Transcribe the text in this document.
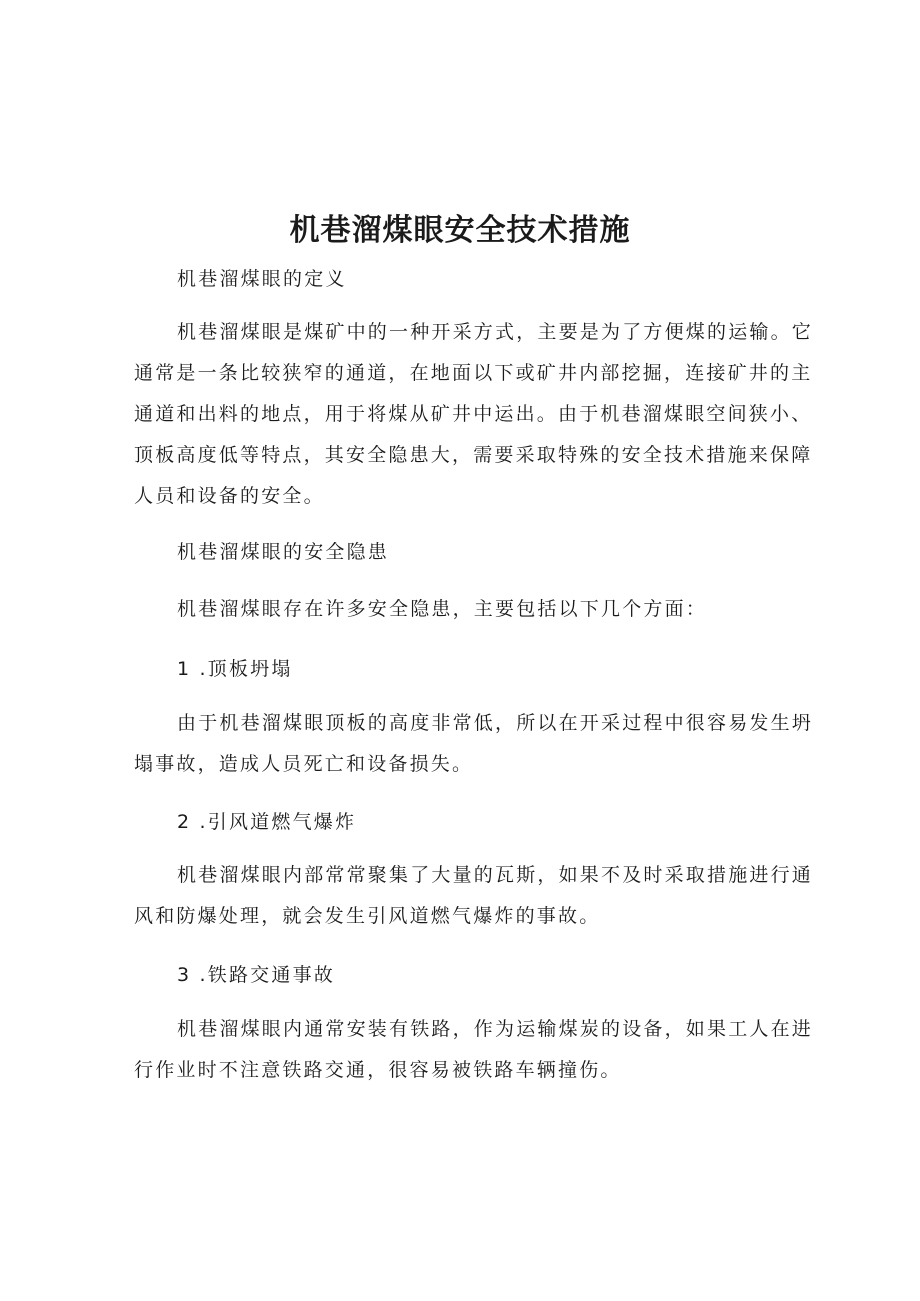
机巷溜煤眼安全技术措施
机巷溜煤眼的定义
机巷溜煤眼是煤矿中的一种开采方式，主要是为了方便煤的运输。它
通常是一条比较狭窄的通道，在地面以下或矿井内部挖掘，连接矿井的主
通道和出料的地点，用于将煤从矿井中运出。由于机巷溜煤眼空间狭小、
顶板高度低等特点，其安全隐患大，需要采取特殊的安全技术措施来保障
人员和设备的安全。
机巷溜煤眼的安全隐患
机巷溜煤眼存在许多安全隐患，主要包括以下几个方面：
1 .顶板坍塌
由于机巷溜煤眼顶板的高度非常低，所以在开采过程中很容易发生坍
塌事故，造成人员死亡和设备损失。
2 .引风道燃气爆炸
机巷溜煤眼内部常常聚集了大量的瓦斯，如果不及时采取措施进行通
风和防爆处理，就会发生引风道燃气爆炸的事故。
3 .铁路交通事故
机巷溜煤眼内通常安装有铁路，作为运输煤炭的设备，如果工人在进
行作业时不注意铁路交通，很容易被铁路车辆撞伤。
